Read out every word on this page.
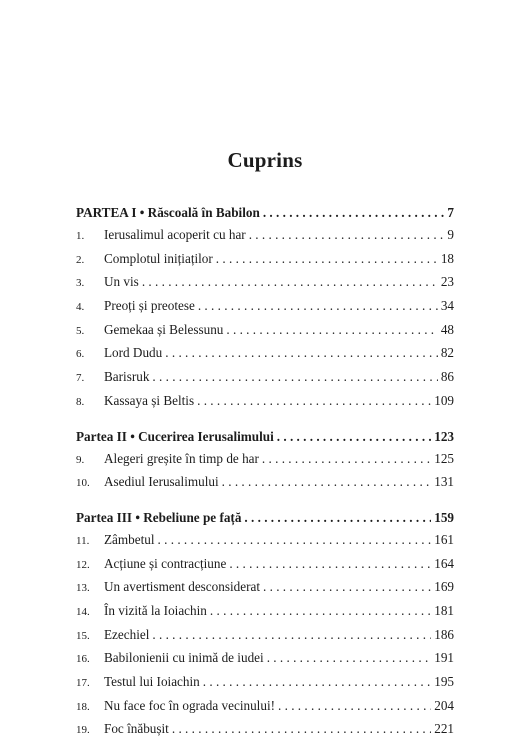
Cuprins
PARTEA I • Răscoală în Babilon . . .	7
1.	Ierusalimul acoperit cu har . . .	9
2.	Complotul inițiaților . . .	18
3.	Un vis . . .	23
4.	Preoți și preotese . . .	34
5.	Gemekaa și Belessunu . . .	48
6.	Lord Dudu . . .	82
7.	Barisruk . . .	86
8.	Kassaya și Beltis . . .	109
Partea II • Cucerirea Ierusalimului . . .	123
9.	Alegeri greșite în timp de har . . .	125
10.	Asediul Ierusalimului . . .	131
Partea III • Rebeliune pe față . . .	159
11.	Zâmbetul . . .	161
12.	Acțiune și contracțiune . . .	164
13.	Un avertisment desconsiderat . . .	169
14.	În vizită la Ioiachin . . .	181
15.	Ezechiel . . .	186
16.	Babilonienii cu inimă de iudei . . .	191
17.	Testul lui Ioiachin . . .	195
18.	Nu face foc în ograda vecinului! . . .	204
19.	Foc înăbușit . . .	221
